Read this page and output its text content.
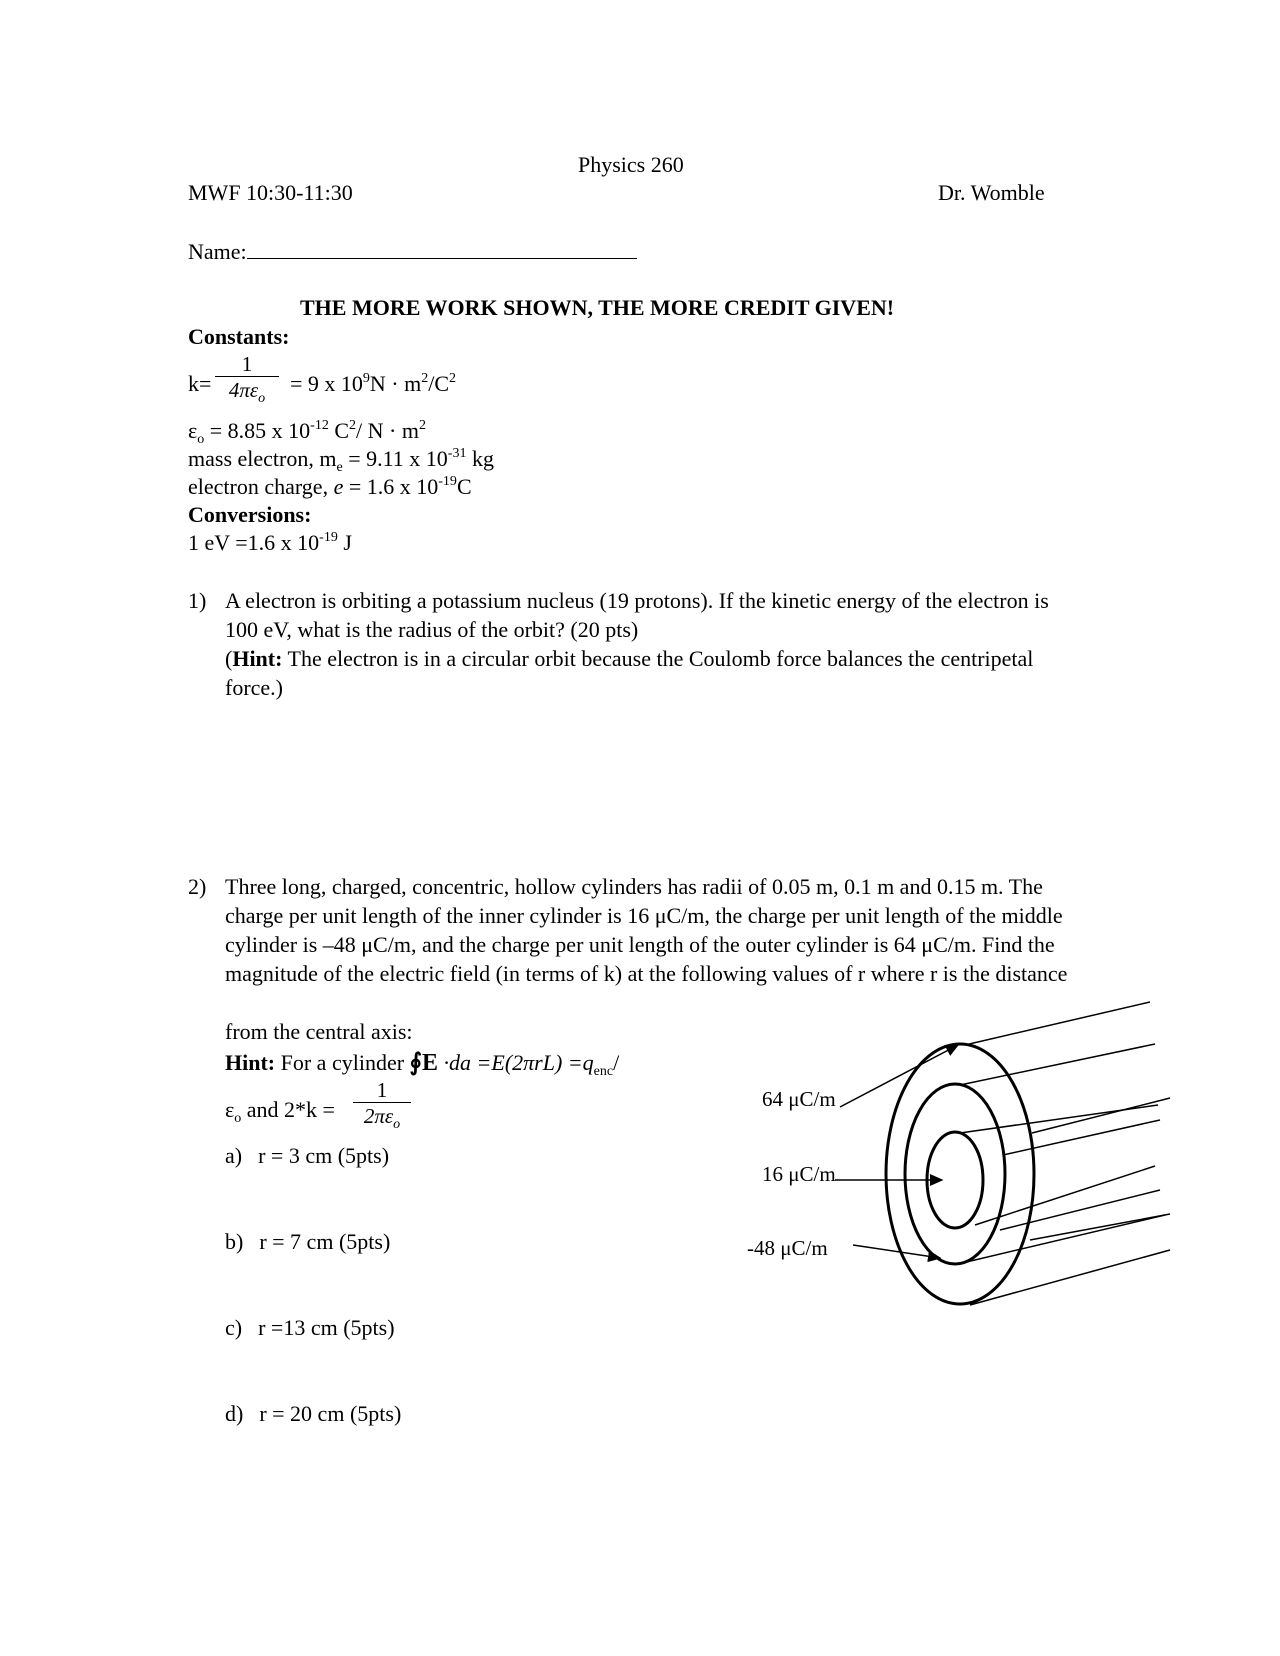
Physics 260
MWF 10:30-11:30	Dr. Womble
Name:
THE MORE WORK SHOWN, THE MORE CREDIT GIVEN!
Constants:
k=
1
$4\pi\varepsilon_o$
= 9 x $10^9N \cdot m^2/C^2$
$\varepsilon_o = 8.85$ x $10^{-12}$ $C^2/$ $N \cdot m^2$
mass electron, $m_e = 9.11$ x $10^{-31}$ kg
electron charge, e = 1.6 x $10^{-19}C$
Conversions:
1 eV =1.6 x $10^{-19}$ J
1) A electron is orbiting a potassium nucleus (19 protons). If the kinetic energy of the electron is 100 eV, what is the radius of the orbit? (20 pts)
(Hint: The electron is in a circular orbit because the Coulomb force balances the centripetal force.)
2) Three long, charged, concentric, hollow cylinders has radii of 0.05 m, 0.1 m and 0.15 m. The charge per unit length of the inner cylinder is 16 μC/m, the charge per unit length of the middle cylinder is –48 μC/m, and the charge per unit length of the outer cylinder is 64 μC/m. Find the magnitude of the electric field (in terms of k) at the following values of r where r is the distance
from the central axis:
Hint: For a cylinder ∮E $\cdot da =E(2\pi rL) =q_{enc}/$
$\varepsilon_o$ and 2*k =
1
$2\pi\varepsilon_o$
a) r = 3 cm (5pts)
b) r = 7 cm (5pts)
c) r =13 cm (5pts)
d) r = 20 cm (5pts)
64 μC/m
16 μC/m
-48 μC/m
